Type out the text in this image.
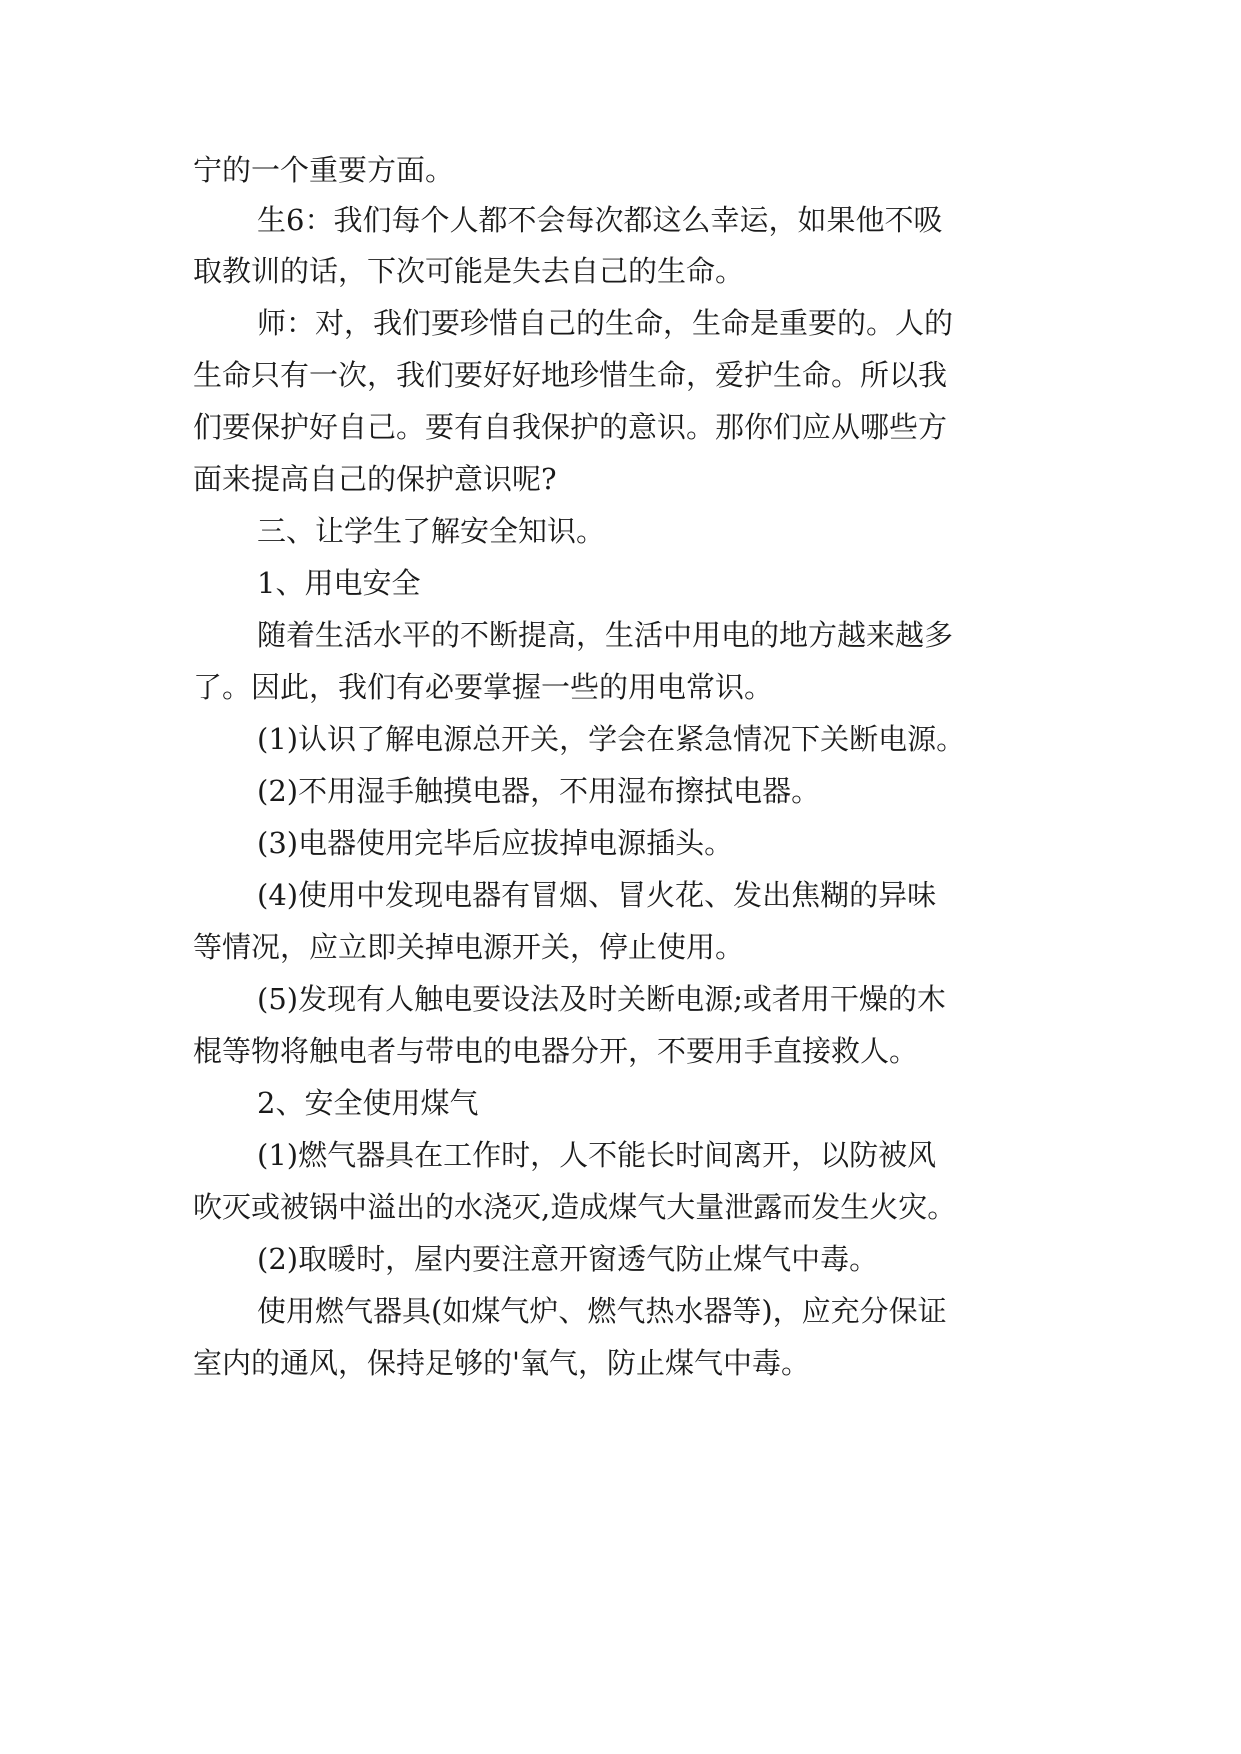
宁的一个重要方面。
生6：我们每个人都不会每次都这么幸运，如果他不吸
取教训的话，下次可能是失去自己的生命。
师：对，我们要珍惜自己的生命，生命是重要的。人的
生命只有一次，我们要好好地珍惜生命，爱护生命。所以我
们要保护好自己。要有自我保护的意识。那你们应从哪些方
面来提高自己的保护意识呢?
三、让学生了解安全知识。
1、用电安全
随着生活水平的不断提高，生活中用电的地方越来越多
了。因此，我们有必要掌握一些的用电常识。
(1)认识了解电源总开关，学会在紧急情况下关断电源。
(2)不用湿手触摸电器，不用湿布擦拭电器。
(3)电器使用完毕后应拔掉电源插头。
(4)使用中发现电器有冒烟、冒火花、发出焦糊的异味
等情况，应立即关掉电源开关，停止使用。
(5)发现有人触电要设法及时关断电源;或者用干燥的木
棍等物将触电者与带电的电器分开，不要用手直接救人。
2、安全使用煤气
(1)燃气器具在工作时，人不能长时间离开，以防被风
吹灭或被锅中溢出的水浇灭,造成煤气大量泄露而发生火灾。
(2)取暖时，屋内要注意开窗透气防止煤气中毒。
使用燃气器具(如煤气炉、燃气热水器等)，应充分保证
室内的通风，保持足够的'氧气，防止煤气中毒。
